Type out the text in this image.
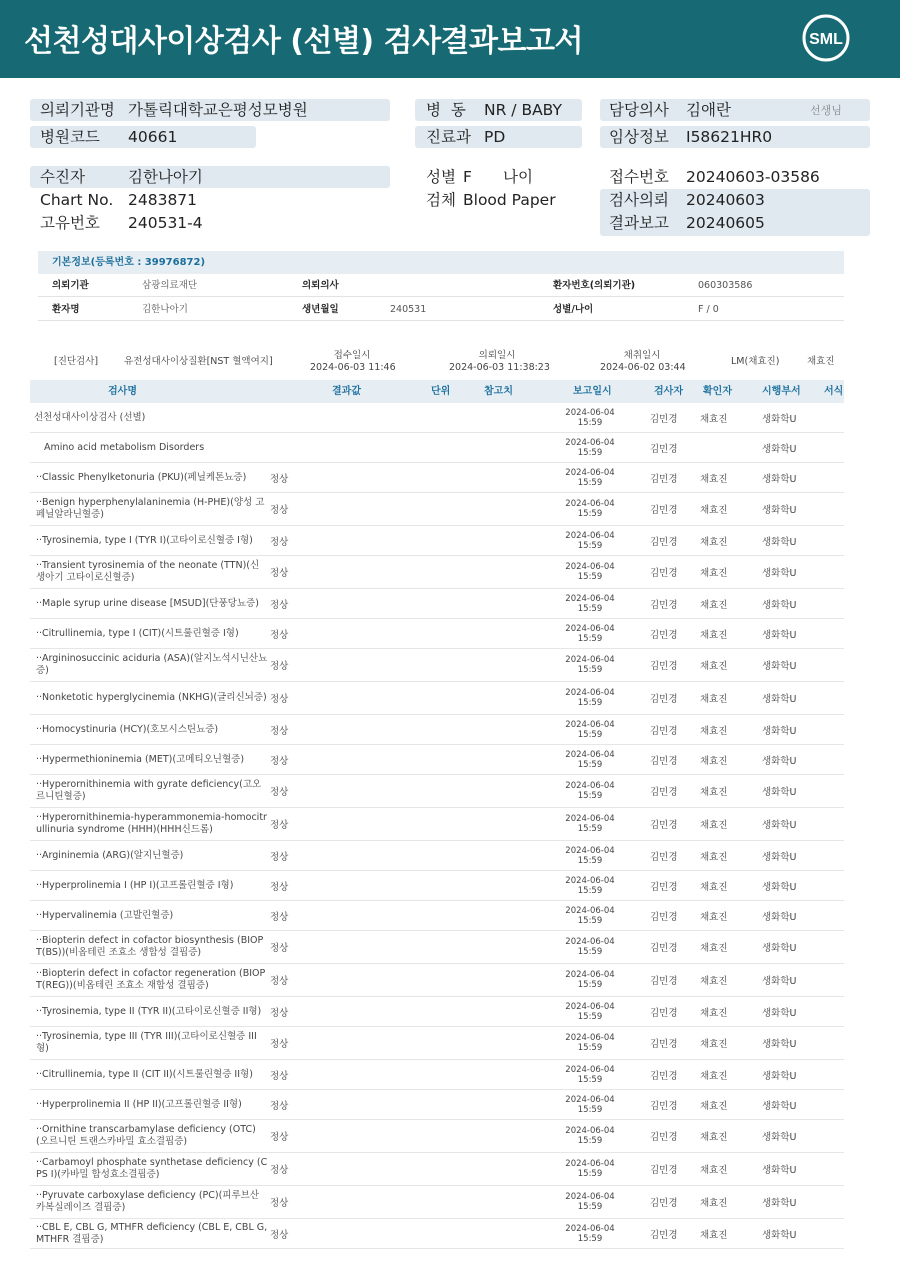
선천성대사이상검사 (선별) 검사결과보고서	SML
의뢰기관명 가톨릭대학교은평성모병원
병원코드 40661
병  동 NR / BABY
진료과 PD
담당의사 김애란	선생님
임상정보 I58621HR0
수진자	김한나아기
Chart No. 2483871
고유번호 240531-4
성별 F 나이
검체 Blood Paper
접수번호 20240603-03586
검사의뢰 20240603
결과보고 20240605
기본정보(등록번호 : 39976872)
의뢰기관	삼광의료재단	의뢰의사	환자번호(의뢰기관)	060303586
환자명	김한나아기	생년월일	240531	성별/나이	F / 0
[진단검사]	유전성대사이상질환[NST 혈액여지]
접수일시
2024-06-03 11:46
의뢰일시
2024-06-03 11:38:23
채취일시
2024-06-02 03:44
LM(채효진)	채효진
검사명	결과값	단위	참고치	보고일시	검사자 확인자	시행부서 서식
선천성대사이상검사 (선별)	2024-06-04
15:59	김민경 채효진	생화학U
Amino acid metabolism Disorders	2024-06-04
15:59	김민경	생화학U
··Classic Phenylketonuria (PKU)(페닐케톤뇨증)	정상
2024-06-04
15:59	김민경 채효진	생화학U
··Benign hyperphenylalaninemia (H-PHE)(양성 고페닐알라닌혈증)	정상
2024-06-04
15:59	김민경 채효진	생화학U
··Tyrosinemia, type I (TYR I)(고타이로신혈증 I형)	정상
2024-06-04
15:59	김민경 채효진	생화학U
··Transient tyrosinemia of the neonate (TTN)(신생아기 고타이로신혈증)	정상
2024-06-04
15:59	김민경 채효진	생화학U
··Maple syrup urine disease [MSUD](단풍당뇨증)	정상
2024-06-04
15:59	김민경 채효진	생화학U
··Citrullinemia, type I (CIT)(시트룰린혈증 I형)	정상
2024-06-04
15:59	김민경 채효진	생화학U
··Argininosuccinic aciduria (ASA)(알지노석시닌산뇨증)	정상
2024-06-04
15:59	김민경 채효진	생화학U
··Nonketotic hyperglycinemia (NKHG)(글리신뇌증) 정상
2024-06-04
15:59	김민경 채효진	생화학U
··Homocystinuria (HCY)(호모시스틴뇨증)	정상
2024-06-04
15:59	김민경 채효진	생화학U
··Hypermethioninemia (MET)(고메티오닌혈증)	정상
2024-06-04
15:59	김민경 채효진	생화학U
··Hyperornithinemia with gyrate deficiency(고오르니틴혈증)	정상
2024-06-04
15:59	김민경 채효진	생화학U
··Hyperornithinemia-hyperammonemia-homocitrullinuria syndrome (HHH)(HHH신드롬)	정상
2024-06-04
15:59	김민경 채효진	생화학U
··Argininemia (ARG)(알지닌혈증)	정상
2024-06-04
15:59	김민경 채효진	생화학U
··Hyperprolinemia I (HP I)(고프롤린혈증 I형)	정상
2024-06-04
15:59	김민경 채효진	생화학U
··Hypervalinemia (고발린혈증)	정상
2024-06-04
15:59	김민경 채효진	생화학U
··Biopterin defect in cofactor biosynthesis (BIOPT(BS))(비옵테린 조효소 생합성 결핍증)	정상
2024-06-04
15:59	김민경 채효진	생화학U
··Biopterin defect in cofactor regeneration (BIOPT(REG))(비옵테린 조효소 재합성 결핍증)	정상
2024-06-04
15:59	김민경 채효진	생화학U
··Tyrosinemia, type II (TYR II)(고타이로신혈증 II형) 정상
2024-06-04
15:59	김민경 채효진	생화학U
··Tyrosinemia, type III (TYR III)(고타이로신혈증 III형)	정상
2024-06-04
15:59	김민경 채효진	생화학U
··Citrullinemia, type II (CIT II)(시트룰린혈증 II형)	정상
2024-06-04
15:59	김민경 채효진	생화학U
··Hyperprolinemia II (HP II)(고프롤린혈증 II형)	정상
2024-06-04
15:59	김민경 채효진	생화학U
··Ornithine transcarbamylase deficiency (OTC)(오르니틴 트랜스카바밀 효소결핍증)	정상
2024-06-04
15:59	김민경 채효진	생화학U
··Carbamoyl phosphate synthetase deficiency (CPS I)(카바밀 합성효소결핍증)	정상
2024-06-04
15:59	김민경 채효진	생화학U
··Pyruvate carboxylase deficiency (PC)(피루브산 카복실레이즈 결핍증)	정상
2024-06-04
15:59	김민경 채효진	생화학U
··CBL E, CBL G, MTHFR deficiency (CBL E, CBL G, MTHFR 결핍증)	정상
2024-06-04
15:59	김민경 채효진	생화학U
